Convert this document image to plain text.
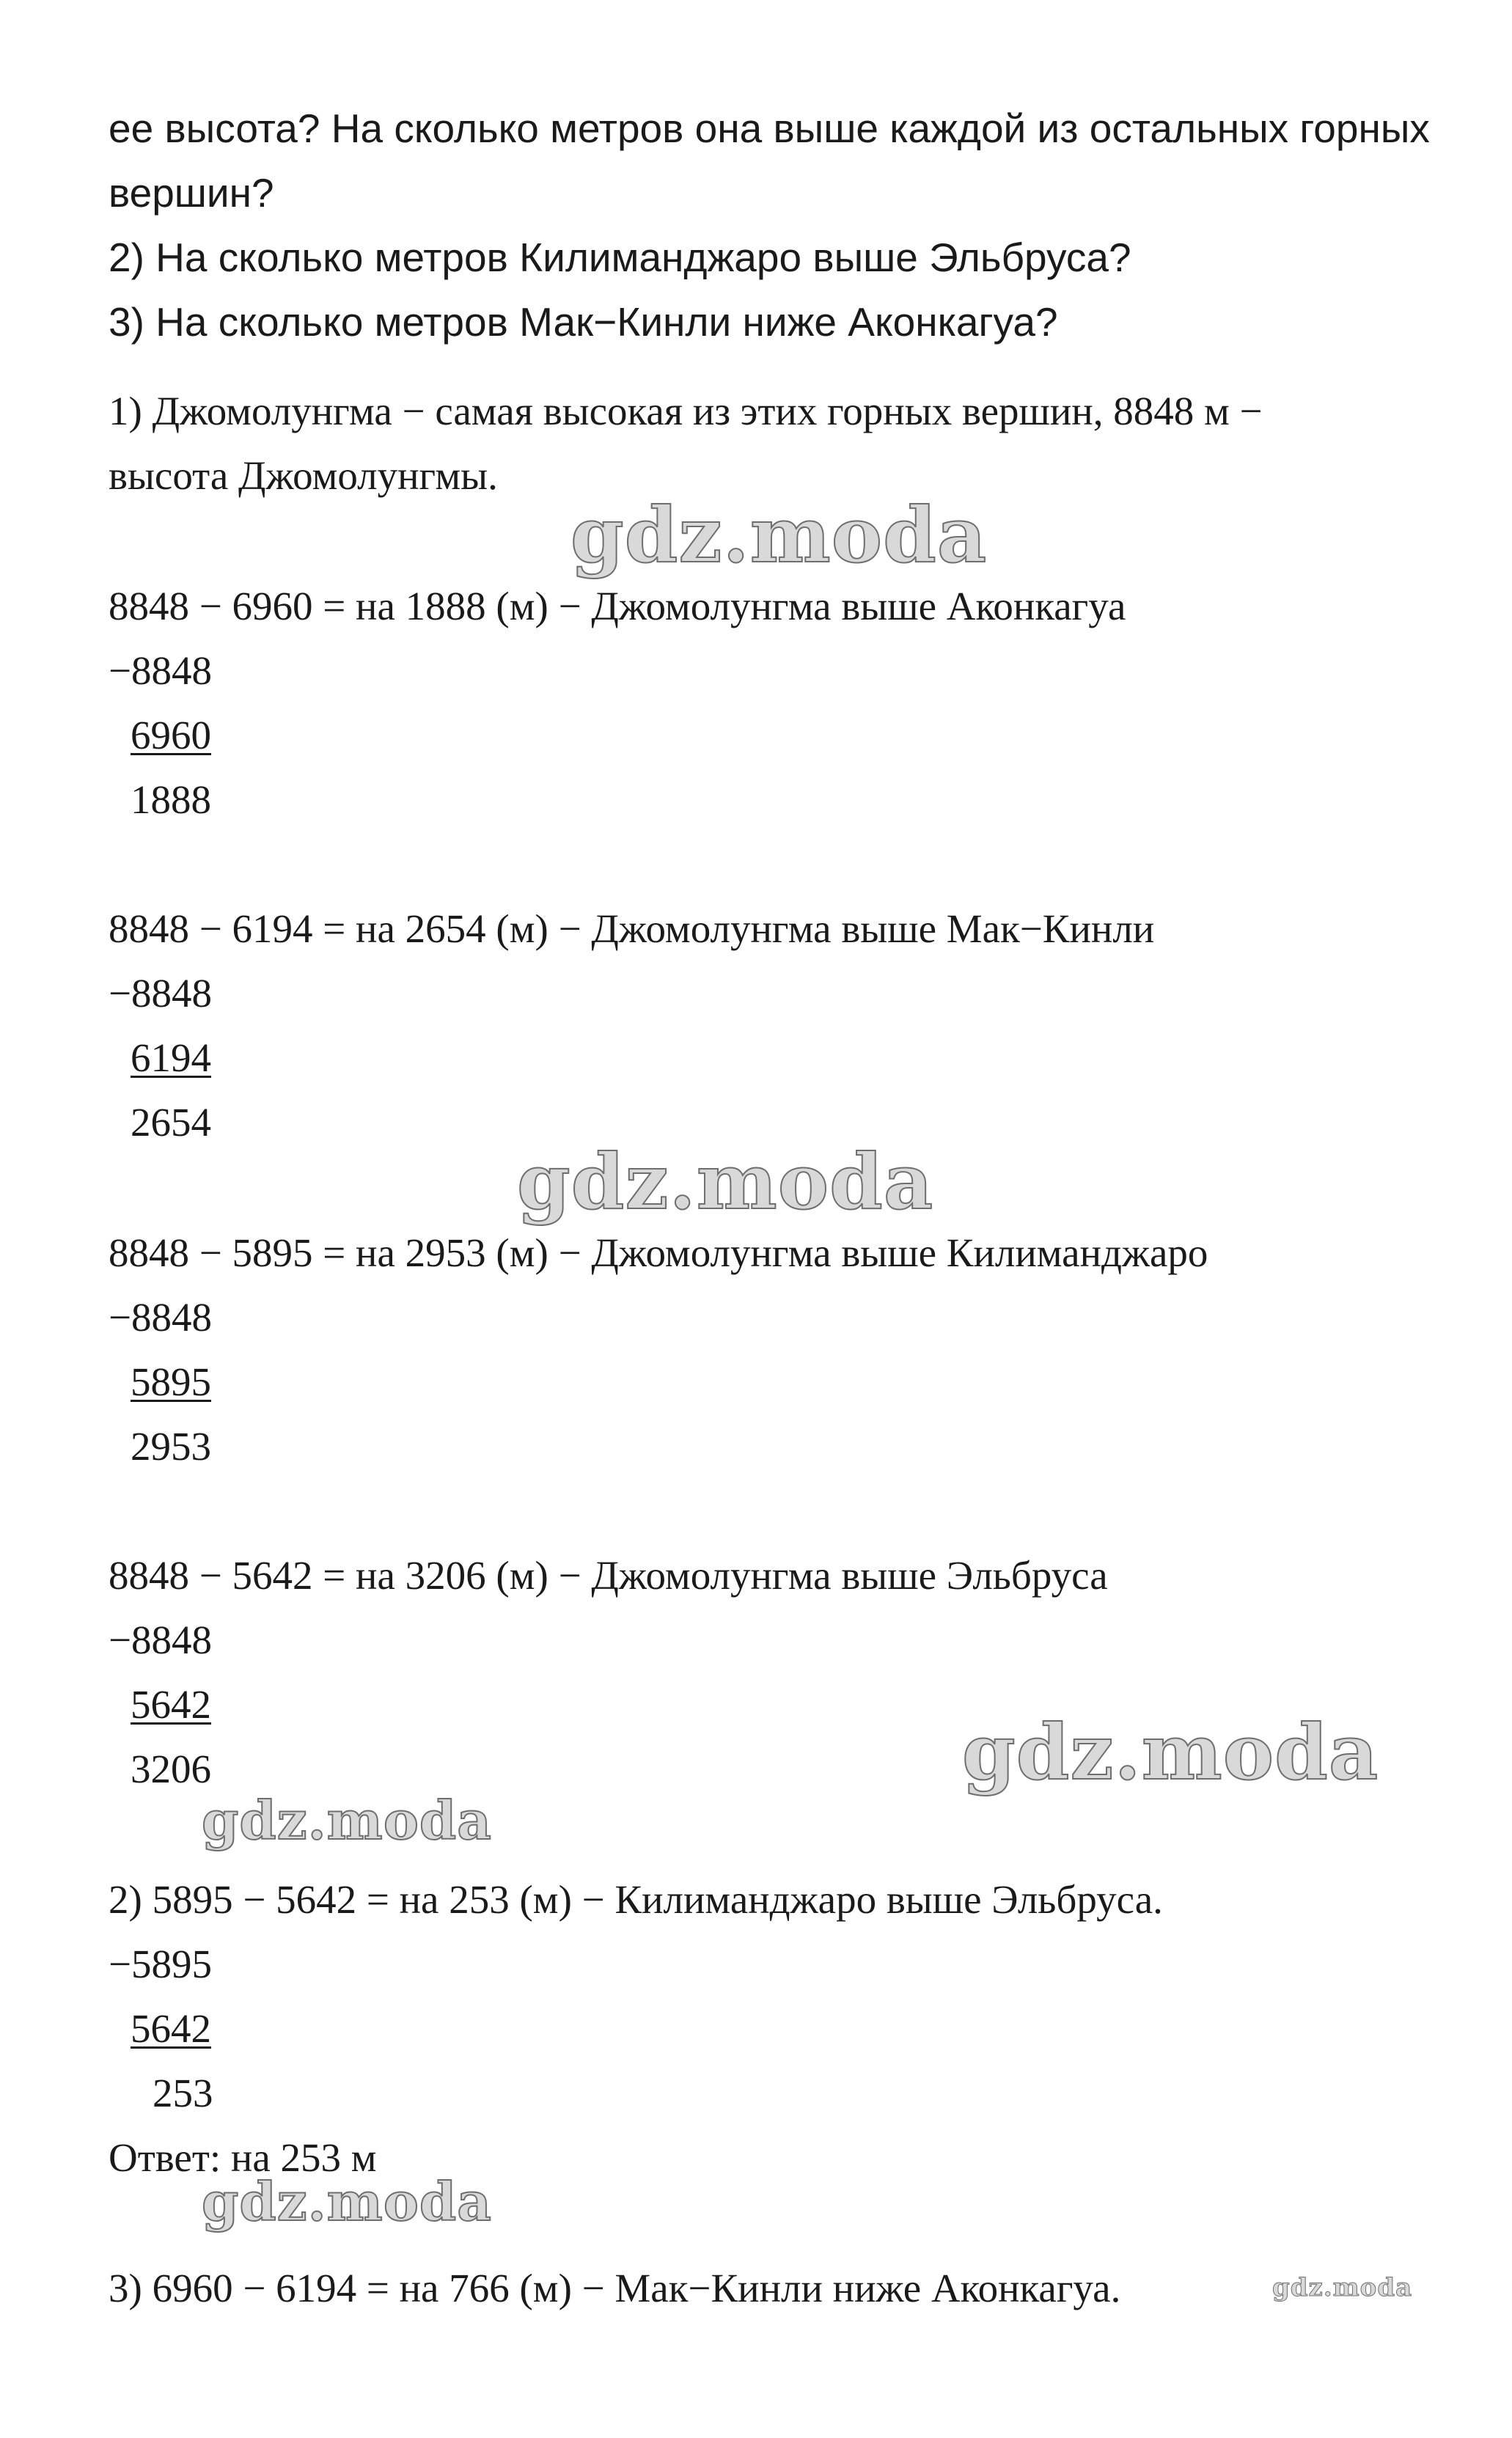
ее высота? На сколько метров она выше каждой из остальных горных
вершин?
2) На сколько метров Килиманджаро выше Эльбруса?
3) На сколько метров Мак−Кинли ниже Аконкагуа?
1) Джомолунгма − самая высокая из этих горных вершин, 8848 м −
высота Джомолунгмы.
8848 − 6960 = на 1888 (м) − Джомолунгма выше Аконкагуа
−8848
6960
1888
8848 − 6194 = на 2654 (м) − Джомолунгма выше Мак−Кинли
−8848
6194
2654
8848 − 5895 = на 2953 (м) − Джомолунгма выше Килиманджаро
−8848
5895
2953
8848 − 5642 = на 3206 (м) − Джомолунгма выше Эльбруса
−8848
5642
3206
2) 5895 − 5642 = на 253 (м) − Килиманджаро выше Эльбруса.
−5895
5642
253
Ответ: на 253 м
3) 6960 − 6194 = на 766 (м) − Мак−Кинли ниже Аконкагуа.
gdz.moda
gdz.moda
gdz.moda
gdz.moda
gdz.moda
gdz.moda
